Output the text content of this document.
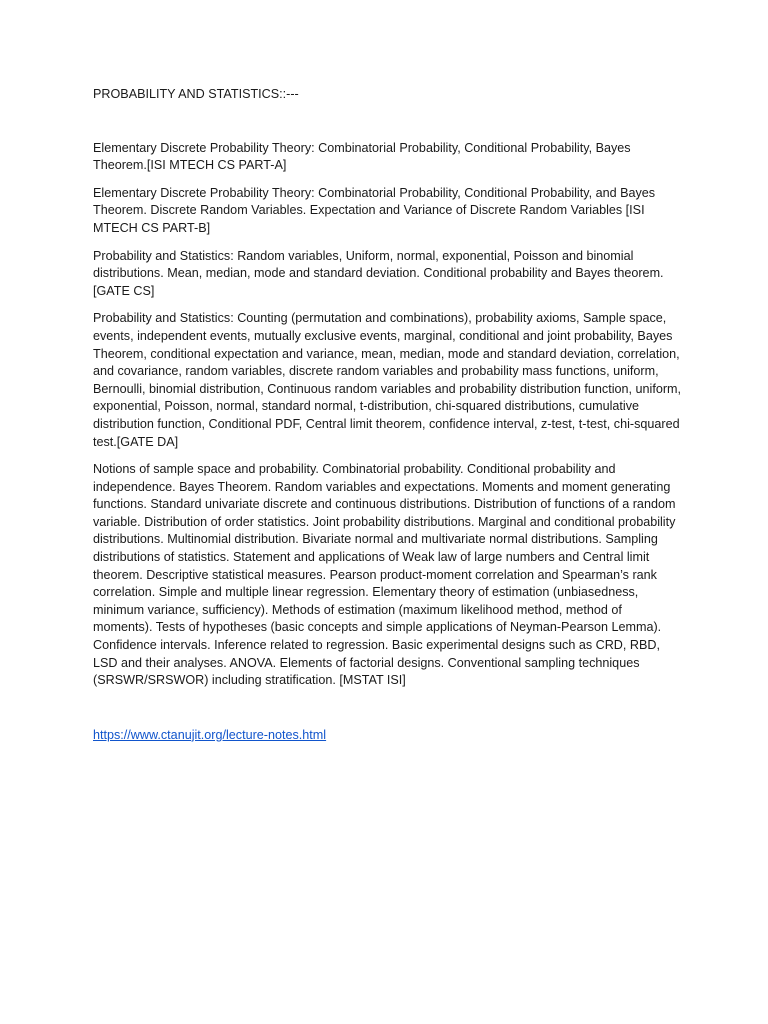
PROBABILITY AND STATISTICS::---

Elementary Discrete Probability Theory: Combinatorial Probability, Conditional Probability, Bayes Theorem.[ISI MTECH CS PART-A]

Elementary Discrete Probability Theory: Combinatorial Probability, Conditional Probability, and Bayes Theorem. Discrete Random Variables. Expectation and Variance of Discrete Random Variables [ISI MTECH CS PART-B]

Probability and Statistics: Random variables, Uniform, normal, exponential, Poisson and binomial distributions. Mean, median, mode and standard deviation. Conditional probability and Bayes theorem.[GATE CS]

Probability and Statistics: Counting (permutation and combinations), probability axioms, Sample space, events, independent events, mutually exclusive events, marginal, conditional and joint probability, Bayes Theorem, conditional expectation and variance, mean, median, mode and standard deviation, correlation, and covariance, random variables, discrete random variables and probability mass functions, uniform, Bernoulli, binomial distribution, Continuous random variables and probability distribution function, uniform, exponential, Poisson, normal, standard normal, t-distribution, chi-squared distributions, cumulative distribution function, Conditional PDF, Central limit theorem, confidence interval, z-test, t-test, chi-squared test.[GATE DA]

Notions of sample space and probability. Combinatorial probability. Conditional probability and independence. Bayes Theorem. Random variables and expectations. Moments and moment generating functions. Standard univariate discrete and continuous distributions. Distribution of functions of a random variable. Distribution of order statistics. Joint probability distributions. Marginal and conditional probability distributions. Multinomial distribution. Bivariate normal and multivariate normal distributions. Sampling distributions of statistics. Statement and applications of Weak law of large numbers and Central limit theorem. Descriptive statistical measures. Pearson product-moment correlation and Spearman’s rank correlation. Simple and multiple linear regression. Elementary theory of estimation (unbiasedness, minimum variance, sufficiency). Methods of estimation (maximum likelihood method, method of moments). Tests of hypotheses (basic concepts and simple applications of Neyman-Pearson Lemma). Confidence intervals. Inference related to regression. Basic experimental designs such as CRD, RBD, LSD and their analyses. ANOVA. Elements of factorial designs. Conventional sampling techniques (SRSWR/SRSWOR) including stratification. [MSTAT ISI]

https://www.ctanujit.org/lecture-notes.html
